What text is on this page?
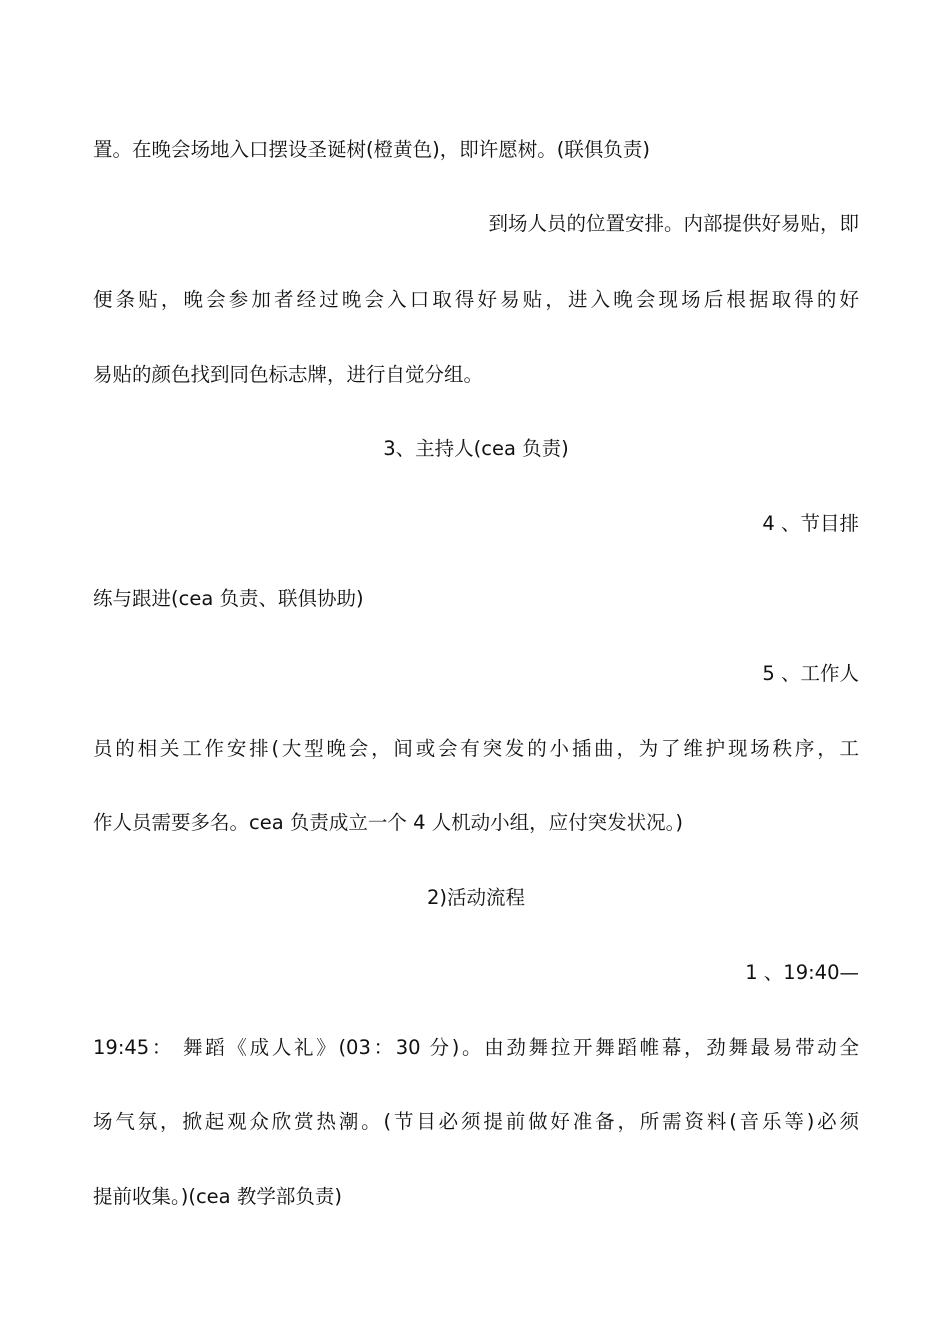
置。在晚会场地入口摆设圣诞树(橙黄色)，即许愿树。(联俱负责)
到场人员的位置安排。内部提供好易贴，即
便条贴，晚会参加者经过晚会入口取得好易贴，进入晚会现场后根据取得的好
易贴的颜色找到同色标志牌，进行自觉分组。
3、主持人(cea 负责)
4 、节目排
练与跟进(cea 负责、联俱协助)
5 、工作人
员的相关工作安排(大型晚会，间或会有突发的小插曲，为了维护现场秩序，工
作人员需要多名。cea 负责成立一个 4 人机动小组，应付突发状况。)
2)活动流程
1 、19:40—
19:45： 舞蹈《成人礼》(03：30 分)。由劲舞拉开舞蹈帷幕，劲舞最易带动全
场气氛，掀起观众欣赏热潮。(节目必须提前做好准备，所需资料(音乐等)必须
提前收集。)(cea 教学部负责)
